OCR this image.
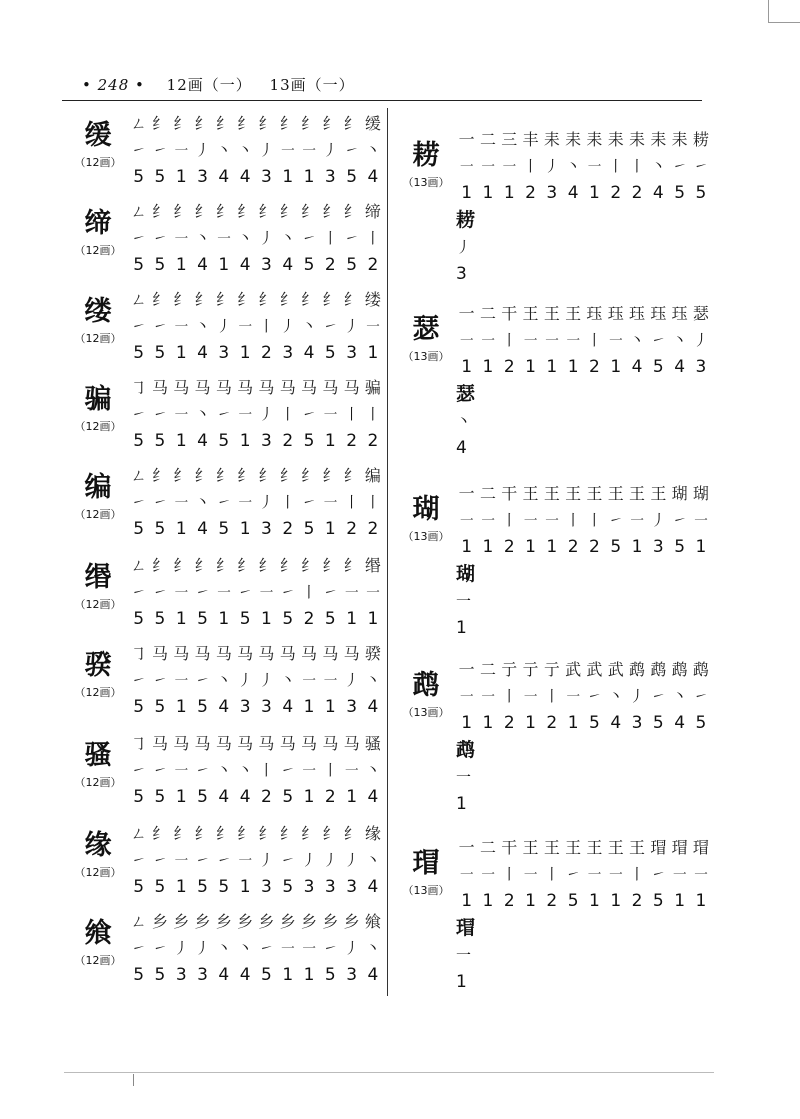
• 248 • 12画（一） 13画（一）
缓
（12画）
ㄥ 纟 纟 纟 纟 纟 纟 纟 纟 纟 纟 缓
㇀ ㇀ ㇐ 丿 丶 丶 丿 ㇐ ㇐ 丿 ㇀ 丶
5 5 1 3 4 4 3 1 1 3 5 4
缔
（12画）
ㄥ 纟 纟 纟 纟 纟 纟 纟 纟 纟 纟 缔
㇀ ㇀ ㇐ 丶 ㇐ 丶 丿 丶 ㇀ 丨 ㇀ 丨
5 5 1 4 1 4 3 4 5 2 5 2
缕
（12画）
ㄥ 纟 纟 纟 纟 纟 纟 纟 纟 纟 纟 缕
㇀ ㇀ ㇐ 丶 丿 ㇐ 丨 丿 丶 ㇀ 丿 ㇐
5 5 1 4 3 1 2 3 4 5 3 1
骗
（12画）
㇆ 马 马 马 马 马 马 马 马 马 马 骗
㇀ ㇀ ㇐ 丶 ㇀ ㇐ 丿 丨 ㇀ ㇐ 丨 丨
5 5 1 4 5 1 3 2 5 1 2 2
编
（12画）
ㄥ 纟 纟 纟 纟 纟 纟 纟 纟 纟 纟 编
㇀ ㇀ ㇐ 丶 ㇀ ㇐ 丿 丨 ㇀ ㇐ 丨 丨
5 5 1 4 5 1 3 2 5 1 2 2
缗
（12画）
ㄥ 纟 纟 纟 纟 纟 纟 纟 纟 纟 纟 缗
㇀ ㇀ ㇐ ㇀ ㇐ ㇀ ㇐ ㇀ 丨 ㇀ ㇐ ㇐
5 5 1 5 1 5 1 5 2 5 1 1
骙
（12画）
㇆ 马 马 马 马 马 马 马 马 马 马 骙
㇀ ㇀ ㇐ ㇀ 丶 丿 丿 丶 ㇐ ㇐ 丿 丶
5 5 1 5 4 3 3 4 1 1 3 4
骚
（12画）
㇆ 马 马 马 马 马 马 马 马 马 马 骚
㇀ ㇀ ㇐ ㇀ 丶 丶 丨 ㇀ ㇐ 丨 ㇐ 丶
5 5 1 5 4 4 2 5 1 2 1 4
缘
（12画）
ㄥ 纟 纟 纟 纟 纟 纟 纟 纟 纟 纟 缘
㇀ ㇀ ㇐ ㇀ ㇀ ㇐ 丿 ㇀ 丿 丿 丿 丶
5 5 1 5 5 1 3 5 3 3 3 4
飨
（12画）
ㄥ 乡 乡 乡 乡 乡 乡 乡 乡 乡 乡 飨
㇀ ㇀ 丿 丿 丶 丶 ㇀ ㇐ ㇐ ㇀ 丿 丶
5 5 3 3 4 4 5 1 1 5 3 4
耢
（13画）
一 二 三 丰 耒 耒 耒 耒 耒 耒 耒 耢
㇐ ㇐ ㇐ 丨 丿 丶 ㇐ 丨 丨 丶 ㇀ ㇀
1 1 1 2 3 4 1 2 2 4 5 5
耢
丿
3
瑟
（13画）
一 二 干 王 王 王 珏 珏 珏 珏 珏 瑟
㇐ ㇐ 丨 ㇐ ㇐ ㇐ 丨 ㇐ 丶 ㇀ 丶 丿
1 1 2 1 1 1 2 1 4 5 4 3
瑟
丶
4
瑚
（13画）
一 二 干 王 王 王 王 王 王 王 瑚 瑚
㇐ ㇐ 丨 ㇐ ㇐ 丨 丨 ㇀ ㇐ 丿 ㇀ ㇐
1 1 2 1 1 2 2 5 1 3 5 1
瑚
一
1
鹉
（13画）
一 二 亍 亍 亍 武 武 武 鹉 鹉 鹉 鹉
㇐ ㇐ 丨 ㇐ 丨 ㇐ ㇀ 丶 丿 ㇀ 丶 ㇀
1 1 2 1 2 1 5 4 3 5 4 5
鹉
一
1
瑁
（13画）
一 二 干 王 王 王 王 王 王 瑁 瑁 瑁
㇐ ㇐ 丨 ㇐ 丨 ㇀ ㇐ ㇐ 丨 ㇀ ㇐ ㇐
1 1 2 1 2 5 1 1 2 5 1 1
瑁
一
1
